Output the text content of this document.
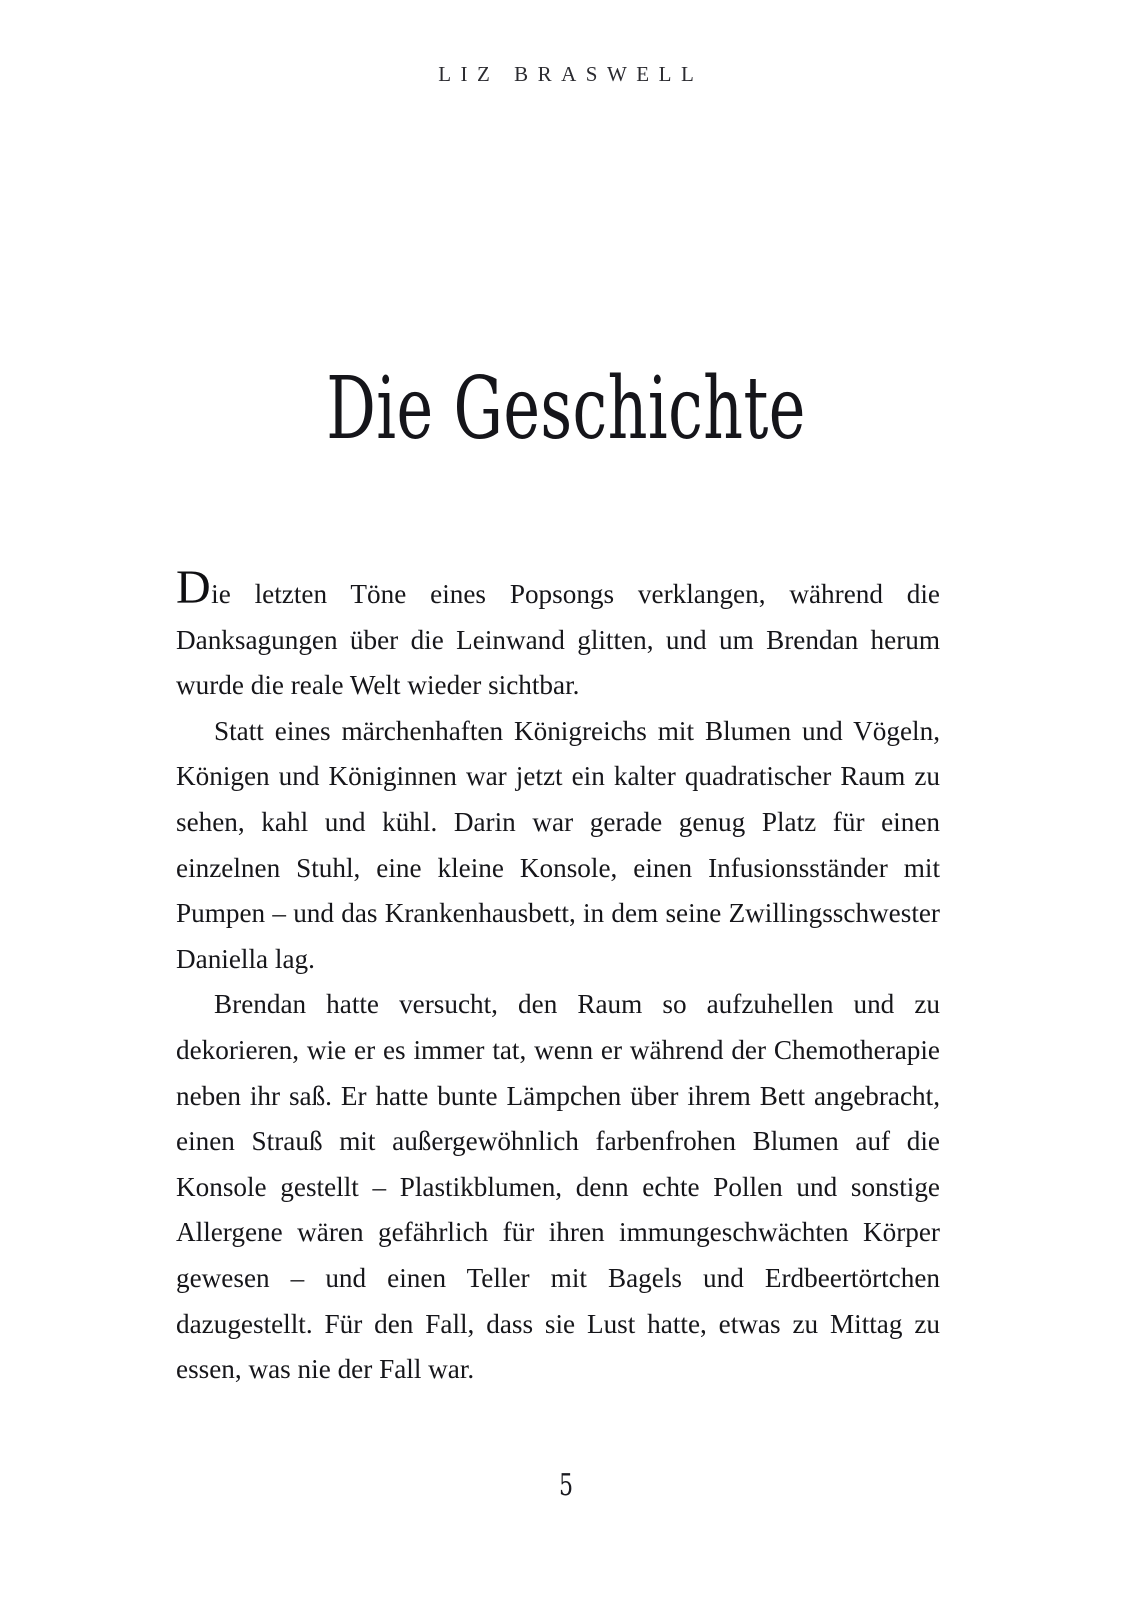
LIZ BRASWELL
Die Geschichte

Die letzten Töne eines Popsongs verklangen, während die Danksagungen über die Leinwand glitten, und um Brendan herum wurde die reale Welt wieder sichtbar.

Statt eines märchenhaften Königreichs mit Blumen und Vögeln, Königen und Königinnen war jetzt ein kalter quadratischer Raum zu sehen, kahl und kühl. Darin war gerade genug Platz für einen einzelnen Stuhl, eine kleine Konsole, einen Infusionsständer mit Pumpen – und das Krankenhausbett, in dem seine Zwillingsschwester Daniella lag.

Brendan hatte versucht, den Raum so aufzuhellen und zu dekorieren, wie er es immer tat, wenn er während der Chemotherapie neben ihr saß. Er hatte bunte Lämpchen über ihrem Bett angebracht, einen Strauß mit außergewöhnlich farbenfrohen Blumen auf die Konsole gestellt – Plastikblumen, denn echte Pollen und sonstige Allergene wären gefährlich für ihren immungeschwächten Körper gewesen – und einen Teller mit Bagels und Erdbeertörtchen dazugestellt. Für den Fall, dass sie Lust hatte, etwas zu Mittag zu essen, was nie der Fall war.

5
